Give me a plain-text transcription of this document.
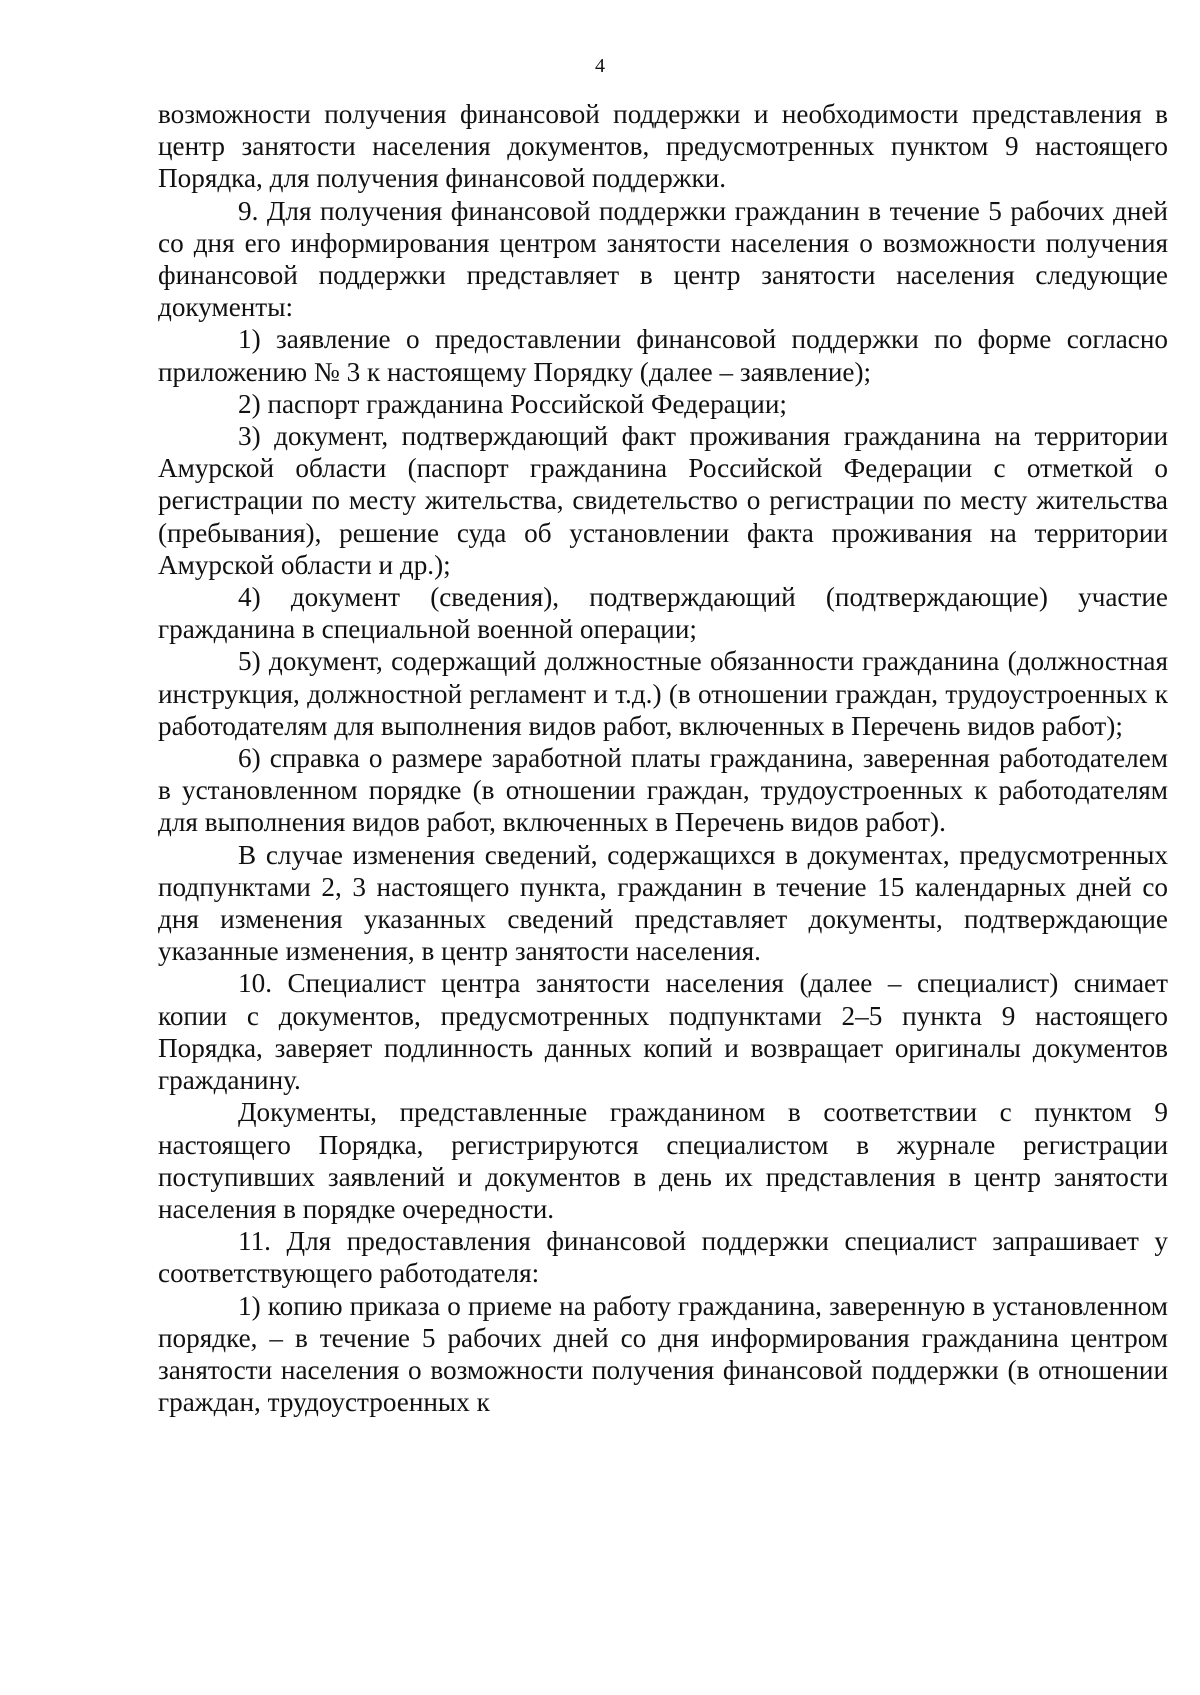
4

возможности получения финансовой поддержки и необходимости представления в центр занятости населения документов, предусмотренных пунктом 9 настоящего Порядка, для получения финансовой поддержки.

9. Для получения финансовой поддержки гражданин в течение 5 рабочих дней со дня его информирования центром занятости населения о возможности получения финансовой поддержки представляет в центр занятости населения следующие документы:

1) заявление о предоставлении финансовой поддержки по форме согласно приложению № 3 к настоящему Порядку (далее – заявление);

2) паспорт гражданина Российской Федерации;

3) документ, подтверждающий факт проживания гражданина на территории Амурской области (паспорт гражданина Российской Федерации с отметкой о регистрации по месту жительства, свидетельство о регистрации по месту жительства (пребывания), решение суда об установлении факта проживания на территории Амурской области и др.);

4) документ (сведения), подтверждающий (подтверждающие) участие гражданина в специальной военной операции;

5) документ, содержащий должностные обязанности гражданина (должностная инструкция, должностной регламент и т.д.) (в отношении граждан, трудоустроенных к работодателям для выполнения видов работ, включенных в Перечень видов работ);

6) справка о размере заработной платы гражданина, заверенная работодателем в установленном порядке (в отношении граждан, трудоустроенных к работодателям для выполнения видов работ, включенных в Перечень видов работ).

В случае изменения сведений, содержащихся в документах, предусмотренных подпунктами 2, 3 настоящего пункта, гражданин в течение 15 календарных дней со дня изменения указанных сведений представляет документы, подтверждающие указанные изменения, в центр занятости населения.

10. Специалист центра занятости населения (далее – специалист) снимает копии с документов, предусмотренных подпунктами 2–5 пункта 9 настоящего Порядка, заверяет подлинность данных копий и возвращает оригиналы документов гражданину.

Документы, представленные гражданином в соответствии с пунктом 9 настоящего Порядка, регистрируются специалистом в журнале регистрации поступивших заявлений и документов в день их представления в центр занятости населения в порядке очередности.

11. Для предоставления финансовой поддержки специалист запрашивает у соответствующего работодателя:

1) копию приказа о приеме на работу гражданина, заверенную в установленном порядке, – в течение 5 рабочих дней со дня информирования гражданина центром занятости населения о возможности получения финансовой поддержки (в отношении граждан, трудоустроенных к
